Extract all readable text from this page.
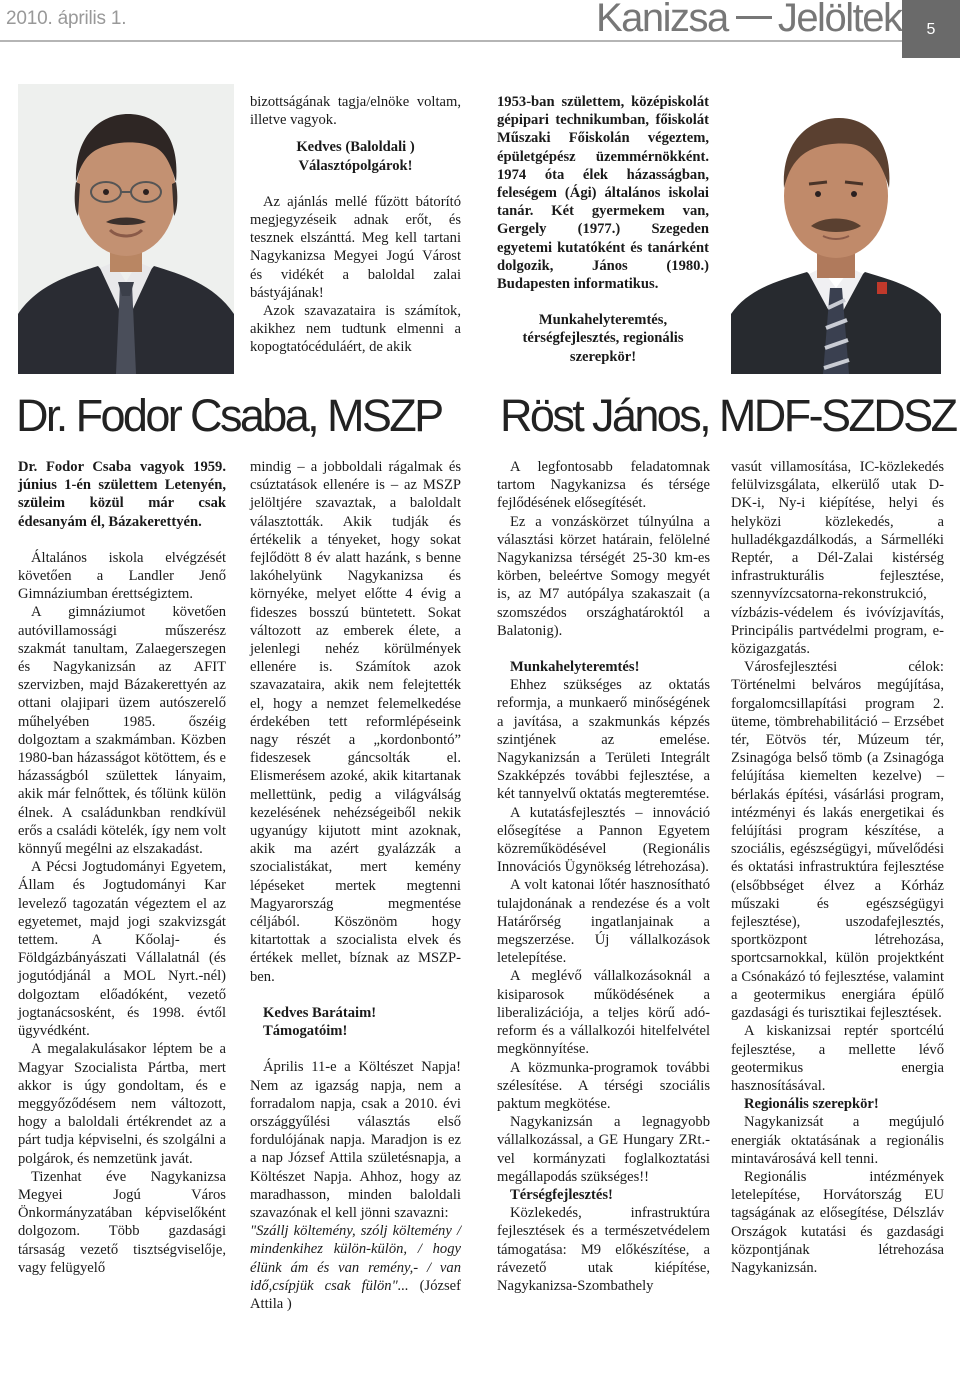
2010. április 1.	Kanizsa Jelöltek	5

bizottságának tagja/elnöke voltam, illetve vagyok.

Kedves (Baloldali )

Választópolgárok!

Az ajánlás mellé fűzött bátorító megjegyzéseik adnak erőt, és tesznek elszánttá. Meg kell tartani Nagykanizsa Megyei Jogú Várost és vidékét a baloldal zalai bástyájának!

Azok szavazataira is számítok, akikhez nem tudtunk elmenni a kopogtatócéduláért, de akik

Dr. Fodor Csaba, MSZP

1953-ban születtem, középiskolát gépipari technikumban, főiskolát Műszaki Főiskolán végeztem, épületgépész üzemmérnökként. 1974 óta élek házasságban, feleségem (Ági) általános iskolai tanár. Két gyermekem van, Gergely (1977.) Szegeden egyetemi kutatóként és tanárként dolgozik, János (1980.) Budapesten informatikus.

Munkahelyteremtés, térségfejlesztés, regionális szerepkör!

Röst János, MDF-SZDSZ

Dr. Fodor Csaba vagyok 1959. június 1-én születtem Letenyén, szüleim közül már csak édesanyám él, Bázakerettyén.

Általános iskola elvégzését követően a Landler Jenő Gimnáziumban érettségiztem.

A gimnáziumot követően autóvillamossági műszerész szakmát tanultam, Zalaegerszegen és Nagykanizsán az AFIT szervizben, majd Bázakerettyén az ottani olajipari üzem autószerelő műhelyében 1985. őszéig dolgoztam a szakmámban. Közben 1980-ban házasságot kötöttem, és e házasságból születtek lányaim, akik már felnőttek, és tőlünk külön élnek. A családunkban rendkívül erős a családi kötelék, így nem volt könnyű megélni az elszakadást.

A Pécsi Jogtudományi Egyetem, Állam és Jogtudományi Kar levelező tagozatán végeztem el az egyetemet, majd jogi szakvizsgát tettem. A Kőolaj- és Földgázbányászati Vállalatnál (és jogutódjánál a MOL Nyrt.-nél) dolgoztam előadóként, vezető jogtanácsosként, és 1998. évtől ügyvédként.

A megalakulásakor léptem be a Magyar Szocialista Pártba, mert akkor is úgy gondoltam, és e meggyőződésem nem változott, hogy a baloldali értékrendet az a párt tudja képviselni, és szolgálni a polgárok, és nemzetünk javát.

Tizenhat éve Nagykanizsa Megyei Jogú Város Önkormányzatában képviselőként dolgozom. Több gazdasági társaság vezető tisztségviselője, vagy felügyelő

mindig – a jobboldali rágalmak és csúztatások ellenére is – az MSZP jelöltjére szavaztak, a baloldalt választották. Akik tudják és értékelik a tényeket, hogy sokat fejlődött 8 év alatt hazánk, s benne lakóhelyünk Nagykanizsa és környéke, melyet előtte 4 évig a fideszes bosszú büntetett. Sokat változott az emberek élete, a jelenlegi nehéz körülmények ellenére is. Számítok azok szavazataira, akik nem felejtették el, hogy a nemzet felemelkedése érdekében tett reformlépéseink nagy részét a „kordonbontó” fideszesek gáncsolták el. Elismerésem azoké, akik kitartanak mellettünk, pedig a világválság kezelésének nehézségeiből nekik ugyanúgy kijutott mint azoknak, akik ma azért gyalázzák a szocialistákat, mert kemény lépéseket mertek megtenni Magyarország megmentése céljából. Köszönöm hogy kitartottak a szocialista elvek és értékek mellet, bíznak az MSZP-ben.

Kedves Barátaim!

Támogatóim!

Április 11-e a Költészet Napja! Nem az igazság napja, nem a forradalom napja, csak a 2010. évi országgyűlési választás első fordulójának napja. Maradjon is ez a nap József Attila születésnapja, a Költészet Napja. Ahhoz, hogy az maradhasson, minden baloldali szavazónak el kell jönni szavazni:

"Szállj költemény, szólj költemény / mindenkihez külön-külön, / hogy élünk ám és van remény,- / van idő,csípjük csak fülön"... (József Attila )

A legfontosabb feladatomnak tartom Nagykanizsa és térsége fejlődésének elősegítését.

Ez a vonzáskörzet túlnyúlna a választási körzet határain, felölelné Nagykanizsa térségét 25-30 km-es körben, beleértve Somogy megyét is, az M7 autópálya szakaszait (a szomszédos országhatároktól a Balatonig).

Munkahelyteremtés!

Ehhez szükséges az oktatás reformja, a munkaerő minőségének a javítása, a szakmunkás képzés szintjének az emelése. Nagykanizsán a Területi Integrált Szakképzés további fejlesztése, a két tannyelvű oktatás megteremtése.

A kutatásfejlesztés – innováció elősegítése a Pannon Egyetem közreműködésével (Regionális Innovációs Ügynökség létrehozása).

A volt katonai lőtér hasznosítható tulajdonának a rendezése és a volt Határőrség ingatlanjainak a megszerzése. Új vállalkozások letelepítése.

A meglévő vállalkozásoknál a kisiparosok működésének a liberalizációja, a teljes körű adó-reform és a vállalkozói hitelfelvétel megkönnyítése.

A közmunka-programok további szélesítése. A térségi szociális paktum megkötése.

Nagykanizsán a legnagyobb vállalkozással, a GE Hungary ZRt.-vel kormányzati foglalkoztatási megállapodás szükséges!!

Térségfejlesztés!

Közlekedés, infrastruktúra fejlesztések és a természetvédelem támogatása: M9 előkészítése, a rávezető utak kiépítése, Nagykanizsa-Szombathely

vasút villamosítása, IC-közlekedés felülvizsgálata, elkerülő utak D-DK-i, Ny-i kiépítése, helyi és helyközi közlekedés, a hulladékgazdálkodás, a Sármelléki Reptér, a Dél-Zalai kistérség infrastrukturális fejlesztése, szennyvízcsatorna-rekonstrukció, vízbázis-védelem és ivóvízjavítás, Principális partvédelmi program, e-közigazgatás.

Városfejlesztési célok: Történelmi belváros megújítása, forgalomcsillapítási program 2. üteme, tömbrehabilitáció – Erzsébet tér, Eötvös tér, Múzeum tér, Zsinagóga belső tömb (a Zsinagóga felújítása kiemelten kezelve) – bérlakás építési, vásárlási program, intézményi és lakás energetikai és felújítási program készítése, a szociális, egészségügyi, művelődési és oktatási infrastruktúra fejlesztése (elsőbbséget élvez a Kórház műszaki és egészségügyi fejlesztése), uszodafejlesztés, sportközpont létrehozása, sportcsarnokkal, külön projektként a Csónakázó tó fejlesztése, valamint a geotermikus energiára épülő gazdasági és turisztikai fejlesztések.

A kiskanizsai reptér sportcélú fejlesztése, a mellette lévő geotermikus energia hasznosításával.

Regionális szerepkör!

Nagykanizsát a megújuló energiák oktatásának a regionális mintavárosává kell tenni.

Regionális intézmények letelepítése, Horvátország EU tagságának az elősegítése, Délszláv Országok kutatási és gazdasági központjának létrehozása Nagykanizsán.
